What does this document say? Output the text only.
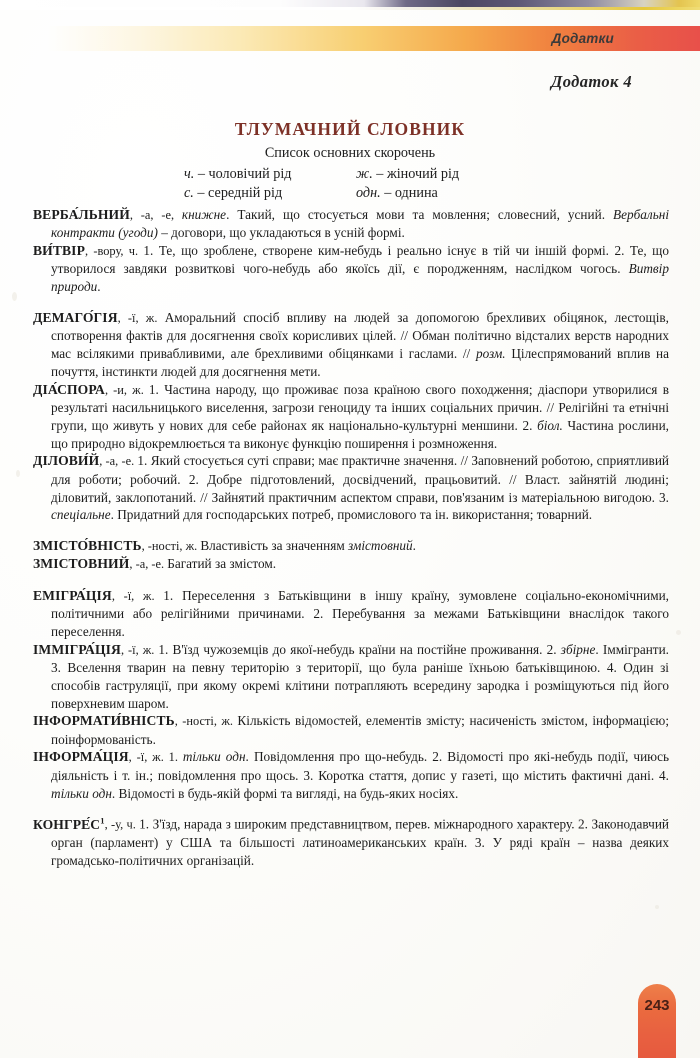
Додатки
Додаток 4
ТЛУМАЧНИЙ СЛОВНИК
Список основних скорочень
ч. – чоловічий рід	ж. – жіночий рід
с. – середній рід	одн. – однина

ВЕРБА́ЛЬНИЙ, -а, -е, книжне. Такий, що стосується мови та мовлення; словесний, усний. Вербальні контракти (угоди) – договори, що укладаються в усній формі.

ВИ́ТВІР, -вору, ч. 1. Те, що зроблене, створене ким-небудь і реально існує в тій чи іншій формі. 2. Те, що утворилося завдяки розвиткові чого-небудь або якоїсь дії, є породженням, наслідком чогось. Витвір природи.

ДЕМАГО́ГІЯ, -ї, ж. Аморальний спосіб впливу на людей за допомогою брехливих обіцянок, лестощів, спотворення фактів для досягнення своїх корисливих цілей. // Обман політично відсталих верств народних мас всілякими привабливими, але брехливими обіцянками і гаслами. // розм. Цілеспрямований вплив на почуття, інстинкти людей для досягнення мети.

ДІА́СПОРА, -и, ж. 1. Частина народу, що проживає поза країною свого походження; діаспори утворилися в результаті насильницького виселення, загрози геноциду та інших соціальних причин. // Релігійні та етнічні групи, що живуть у нових для себе районах як національно-культурні меншини. 2. біол. Частина рослини, що природно відокремлюється та виконує функцію поширення і розмноження.

ДІЛОВИ́Й, -а, -е. 1. Який стосується суті справи; має практичне значення. // Заповнений роботою, сприятливий для роботи; робочий. 2. Добре підготовлений, досвідчений, працьовитий. // Власт. зайнятій людині; діловитий, заклопотаний. // Зайнятий практичним аспектом справи, пов'язаним із матеріальною вигодою. 3. спеціальне. Придатний для господарських потреб, промислового та ін. використання; товарний.

ЗМІСТО́ВНІСТЬ, -ності, ж. Властивість за значенням змістовний.

ЗМІСТОВНИЙ, -а, -е. Багатий за змістом.

ЕМІГРА́ЦІЯ, -ї, ж. 1. Переселення з Батьківщини в іншу країну, зумовлене соціально-економічними, політичними або релігійними причинами. 2. Перебування за межами Батьківщини внаслідок такого переселення.

ІММІГРА́ЦІЯ, -ї, ж. 1. В'їзд чужоземців до якої-небудь країни на постійне проживання. 2. збірне. Іммігранти. 3. Вселення тварин на певну територію з території, що була раніше їхньою батьківщиною. 4. Один зі способів гаструляції, при якому окремі клітини потрапляють всередину зародка і розміщуються під його поверхневим шаром.

ІНФОРМАТИ́ВНІСТЬ, -ності, ж. Кількість відомостей, елементів змісту; насиченість змістом, інформацією; поінформованість.

ІНФОРМА́ЦІЯ, -ї, ж. 1. тільки одн. Повідомлення про що-небудь. 2. Відомості про які-небудь події, чиюсь діяльність і т. ін.; повідомлення про щось. 3. Коротка стаття, допис у газеті, що містить фактичні дані. 4. тільки одн. Відомості в будь-якій формі та вигляді, на будь-яких носіях.

$КОНГРЕ́С^1$, -у, ч. 1. З'їзд, нарада з широким представництвом, перев. міжнародного характеру. 2. Законодавчий орган (парламент) у США та більшості латиноамериканських країн. 3. У ряді країн – назва деяких громадсько-політичних організацій.

243
